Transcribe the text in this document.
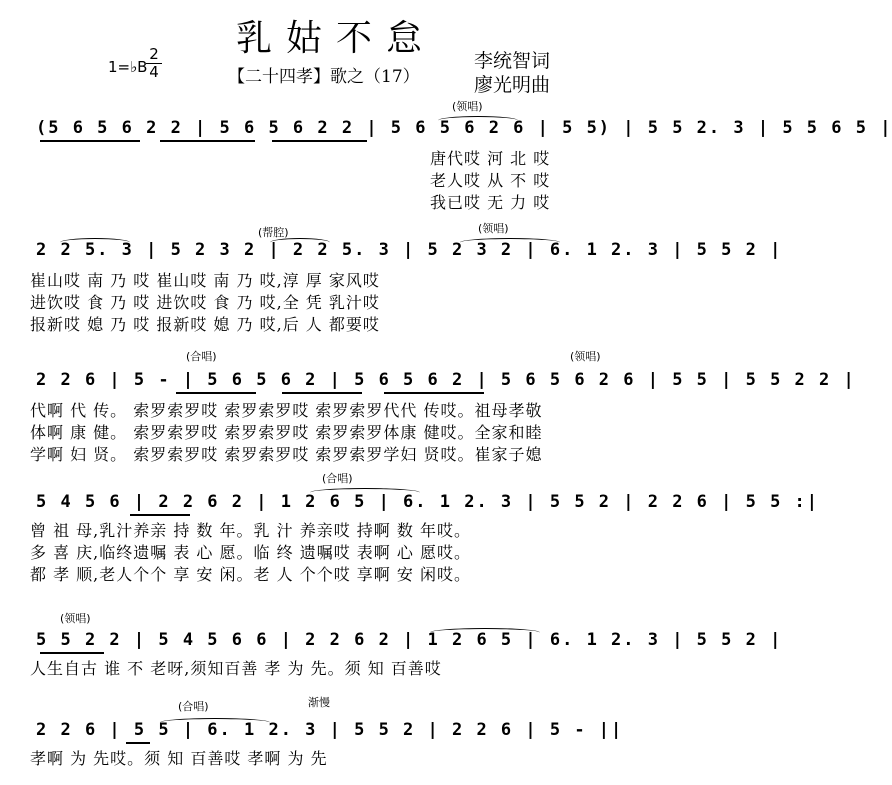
乳姑不怠
1=♭B
$\frac{2}{4}$	【二十四孝】歌之（17）
李统智词
廖光明曲
(领唱)
(5 6 5 6 2 2 | 5 6 5 6 2 2 | 5 6 5 6 2 6 | 5 5) | 5 5 2. 3 | 5 5 6 5 |
唐代哎 河 北 哎
老人哎 从 不 哎
我已哎 无 力 哎
(帮腔)	(领唱)
2 2 5. 3 | 5 2 3 2 | 2 2 5. 3 | 5 2 3 2 | 6. 1 2. 3 | 5 5 2 |
崔山哎 南 乃 哎 崔山哎 南 乃 哎,淳 厚 家风哎
进饮哎 食 乃 哎 进饮哎 食 乃 哎,全 凭 乳汁哎
报新哎 媳 乃 哎 报新哎 媳 乃 哎,后 人 都要哎
(合唱)	(领唱)
2 2 6 | 5 - | 5 6 5 6 2 | 5 6 5 6 2 | 5 6 5 6 2 6 | 5 5 | 5 5 2 2 |
代啊 代 传。 索罗索罗哎 索罗索罗哎 索罗索罗代代 传哎。祖母孝敬
体啊 康 健。 索罗索罗哎 索罗索罗哎 索罗索罗体康 健哎。全家和睦
学啊 妇 贤。 索罗索罗哎 索罗索罗哎 索罗索罗学妇 贤哎。崔家子媳
(合唱)
5 4 5 6 | 2 2 6 2 | 1 2 6 5 | 6. 1 2. 3 | 5 5 2 | 2 2 6 | 5 5 :|
曾 祖 母,乳汁养亲 持 数 年。乳 汁 养亲哎 持啊 数 年哎。
多 喜 庆,临终遗嘱 表 心 愿。临 终 遗嘱哎 表啊 心 愿哎。
都 孝 顺,老人个个 享 安 闲。老 人 个个哎 享啊 安 闲哎。
(领唱)
5 5 2 2 | 5 4 5 6 6 | 2 2 6 2 | 1 2 6 5 | 6. 1 2. 3 | 5 5 2 |
人生自古 谁 不 老呀,须知百善 孝 为 先。须 知 百善哎
(合唱)	渐慢
2 2 6 | 5 5 | 6. 1 2. 3 | 5 5 2 | 2 2 6 | 5 - ||
孝啊 为 先哎。须 知 百善哎 孝啊 为 先
